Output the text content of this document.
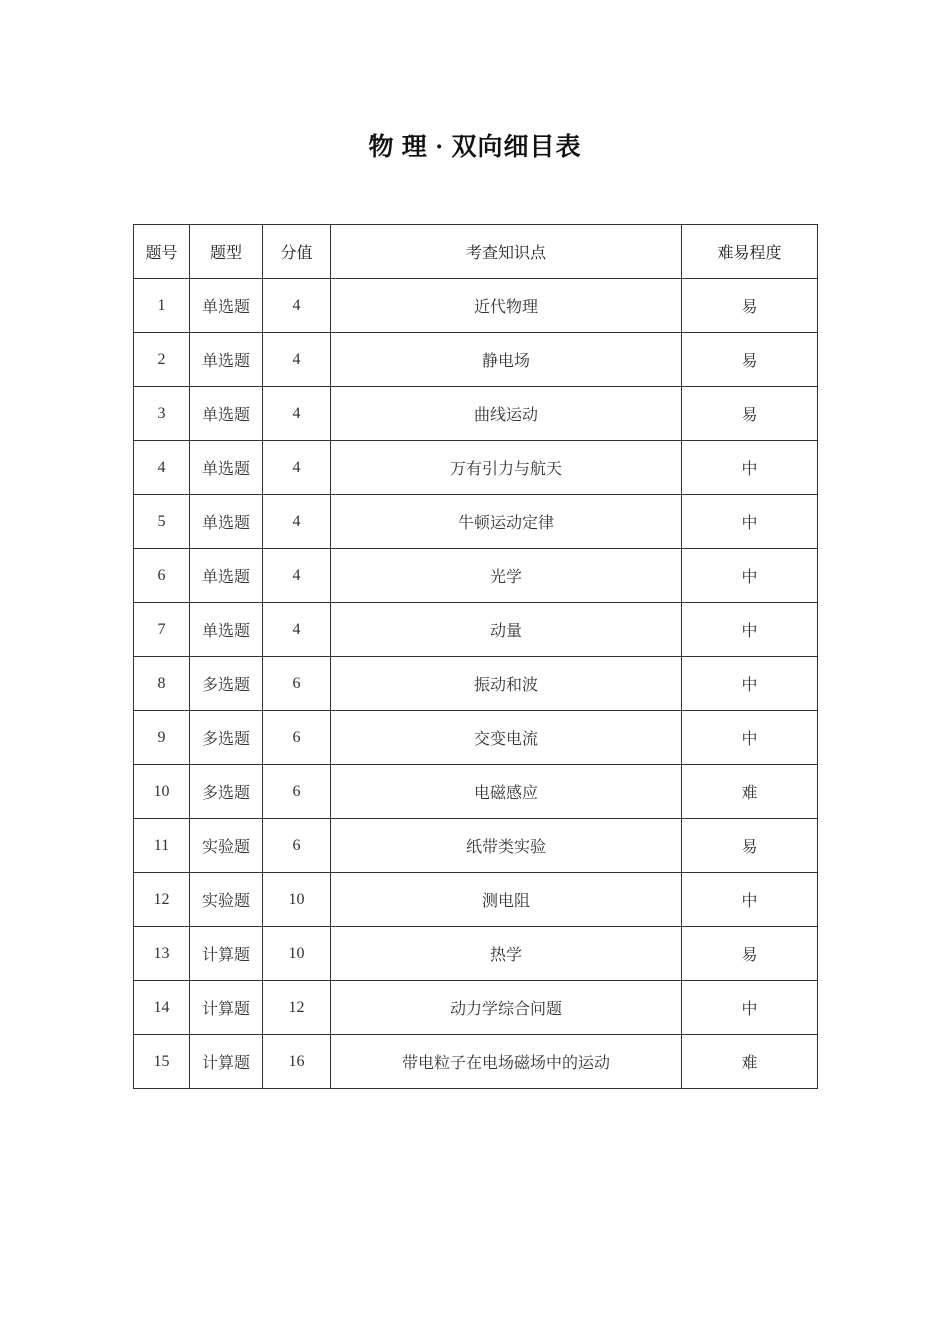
物 理 · 双向细目表
题号	题型	分值	考查知识点	难易程度
1	单选题	4	近代物理	易
2	单选题	4	静电场	易
3	单选题	4	曲线运动	易
4	单选题	4	万有引力与航天	中
5	单选题	4	牛顿运动定律	中
6	单选题	4	光学	中
7	单选题	4	动量	中
8	多选题	6	振动和波	中
9	多选题	6	交变电流	中
10	多选题	6	电磁感应	难
11	实验题	6	纸带类实验	易
12	实验题	10	测电阻	中
13	计算题	10	热学	易
14	计算题	12	动力学综合问题	中
15	计算题	16	带电粒子在电场磁场中的运动	难
